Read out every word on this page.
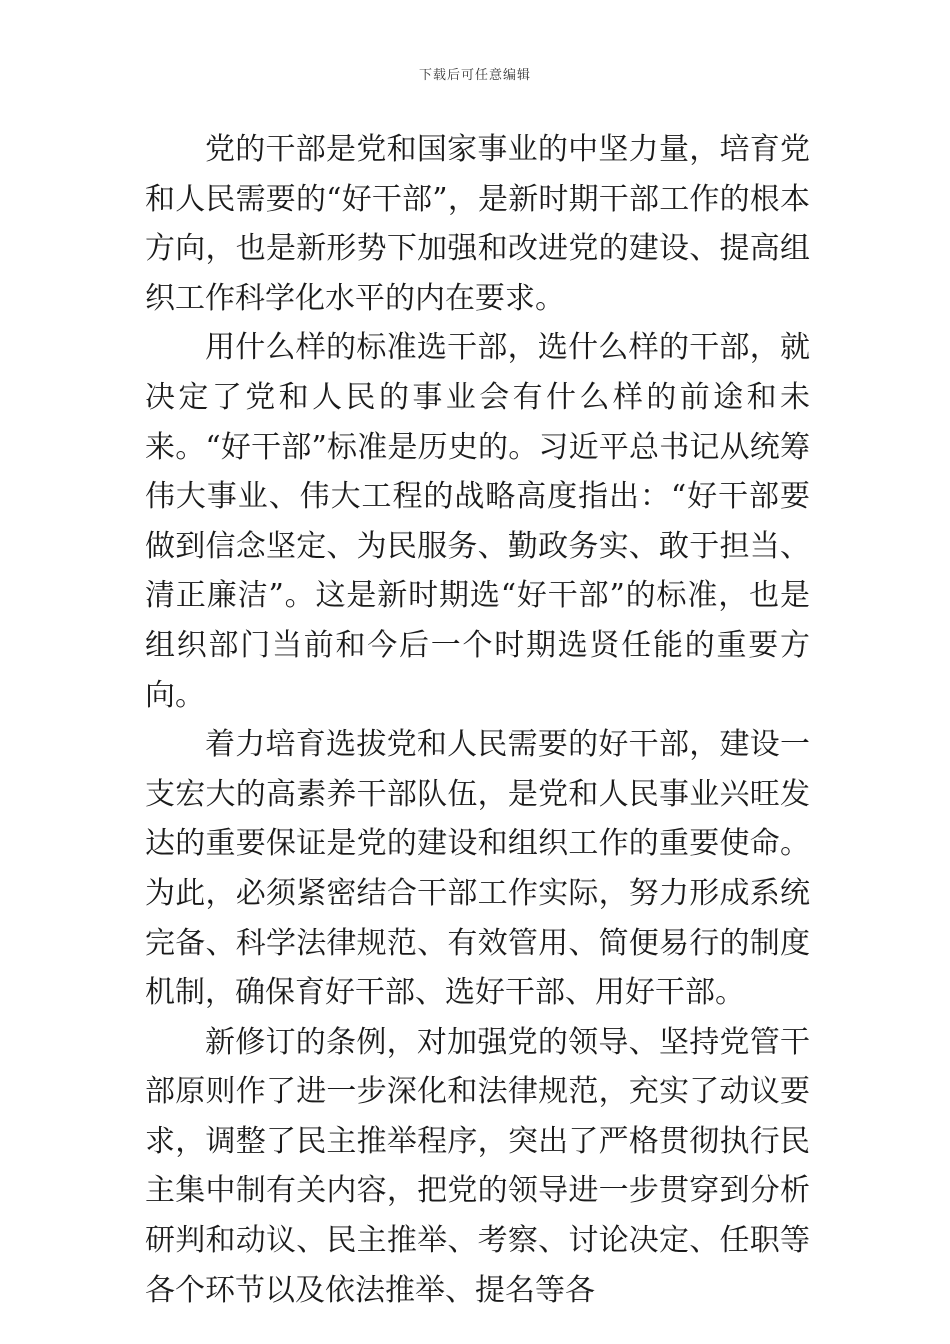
下载后可任意编辑

党的干部是党和国家事业的中坚力量，培育党和人民需要的“好干部”，是新时期干部工作的根本方向，也是新形势下加强和改进党的建设、提高组织工作科学化水平的内在要求。

用什么样的标准选干部，选什么样的干部，就决定了党和人民的事业会有什么样的前途和未来。“好干部”标准是历史的。习近平总书记从统筹伟大事业、伟大工程的战略高度指出：“好干部要做到信念坚定、为民服务、勤政务实、敢于担当、清正廉洁”。这是新时期选“好干部”的标准，也是组织部门当前和今后一个时期选贤任能的重要方向。

着力培育选拔党和人民需要的好干部，建设一支宏大的高素养干部队伍，是党和人民事业兴旺发达的重要保证是党的建设和组织工作的重要使命。为此，必须紧密结合干部工作实际，努力形成系统完备、科学法律规范、有效管用、简便易行的制度机制，确保育好干部、选好干部、用好干部。

新修订的条例，对加强党的领导、坚持党管干部原则作了进一步深化和法律规范，充实了动议要求，调整了民主推举程序，突出了严格贯彻执行民主集中制有关内容，把党的领导进一步贯穿到分析研判和动议、民主推举、考察、讨论决定、任职等各个环节以及依法推举、提名等各
